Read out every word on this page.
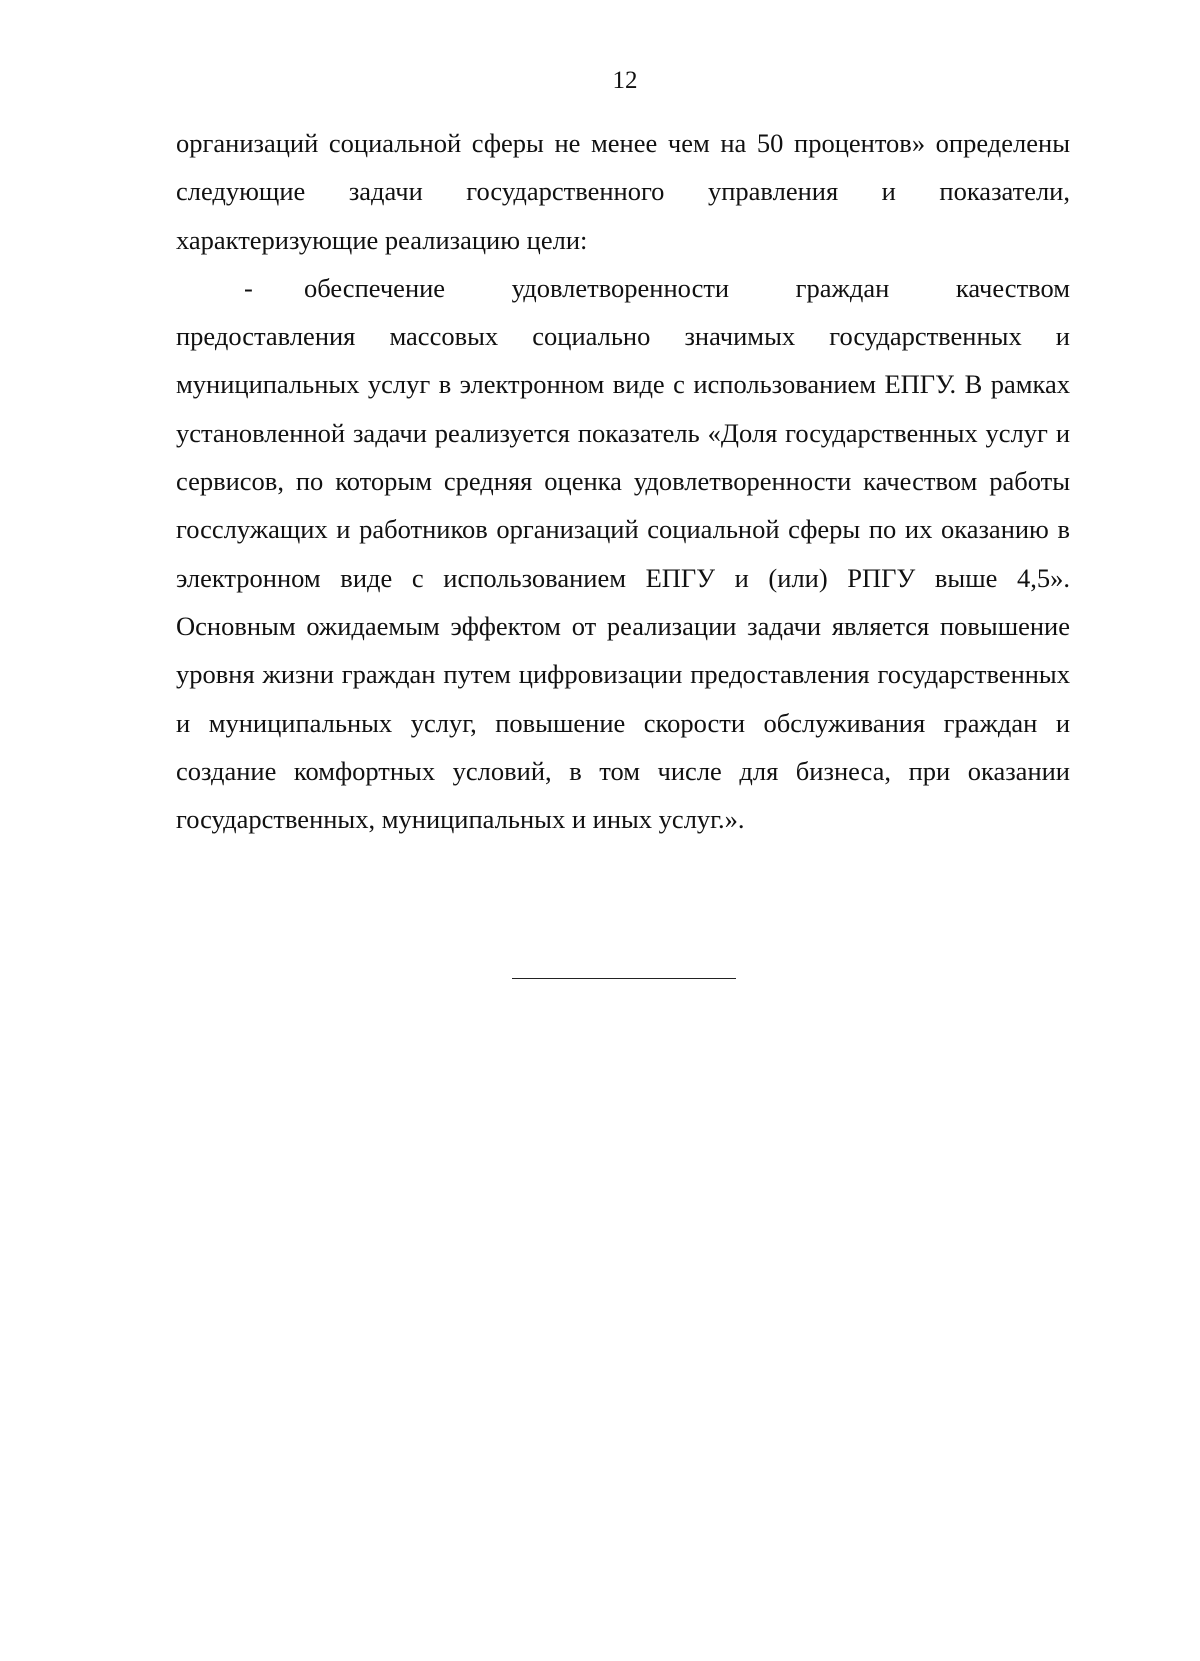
12

организаций социальной сферы не менее чем на 50 процентов» определены следующие задачи государственного управления и показатели, характеризующие реализацию цели:

- обеспечение удовлетворенности граждан качеством предоставления массовых социально значимых государственных и муниципальных услуг в электронном виде с использованием ЕПГУ. В рамках установленной задачи реализуется показатель «Доля государственных услуг и сервисов, по которым средняя оценка удовлетворенности качеством работы госслужащих и работников организаций социальной сферы по их оказанию в электронном виде с использованием ЕПГУ и (или) РПГУ выше 4,5». Основным ожидаемым эффектом от реализации задачи является повышение уровня жизни граждан путем цифровизации предоставления государственных и муниципальных услуг, повышение скорости обслуживания граждан и создание комфортных условий, в том числе для бизнеса, при оказании государственных, муниципальных и иных услуг.».
